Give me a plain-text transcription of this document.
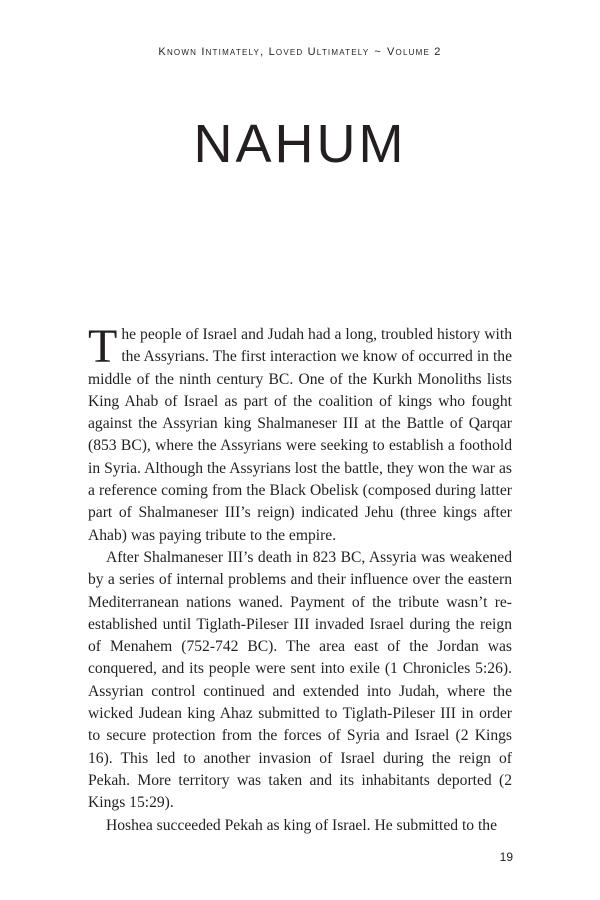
Known Intimately, Loved Ultimately ~ Volume 2
NAHUM

The people of Israel and Judah had a long, troubled history with the Assyrians. The first interaction we know of occurred in the middle of the ninth century BC. One of the Kurkh Monoliths lists King Ahab of Israel as part of the coalition of kings who fought against the Assyrian king Shalmaneser III at the Battle of Qarqar (853 BC), where the Assyrians were seeking to establish a foothold in Syria. Although the Assyrians lost the battle, they won the war as a reference coming from the Black Obelisk (composed during latter part of Shalmaneser III’s reign) indicated Jehu (three kings after Ahab) was paying tribute to the empire.

After Shalmaneser III’s death in 823 BC, Assyria was weakened by a series of internal problems and their influence over the eastern Mediterranean nations waned. Payment of the tribute wasn’t re-established until Tiglath-Pileser III invaded Israel during the reign of Menahem (752-742 BC). The area east of the Jordan was conquered, and its people were sent into exile (1 Chronicles 5:26). Assyrian control continued and extended into Judah, where the wicked Judean king Ahaz submitted to Tiglath-Pileser III in order to secure protection from the forces of Syria and Israel (2 Kings 16). This led to another invasion of Israel during the reign of Pekah. More territory was taken and its inhabitants deported (2 Kings 15:29).

Hoshea succeeded Pekah as king of Israel. He submitted to the

19
